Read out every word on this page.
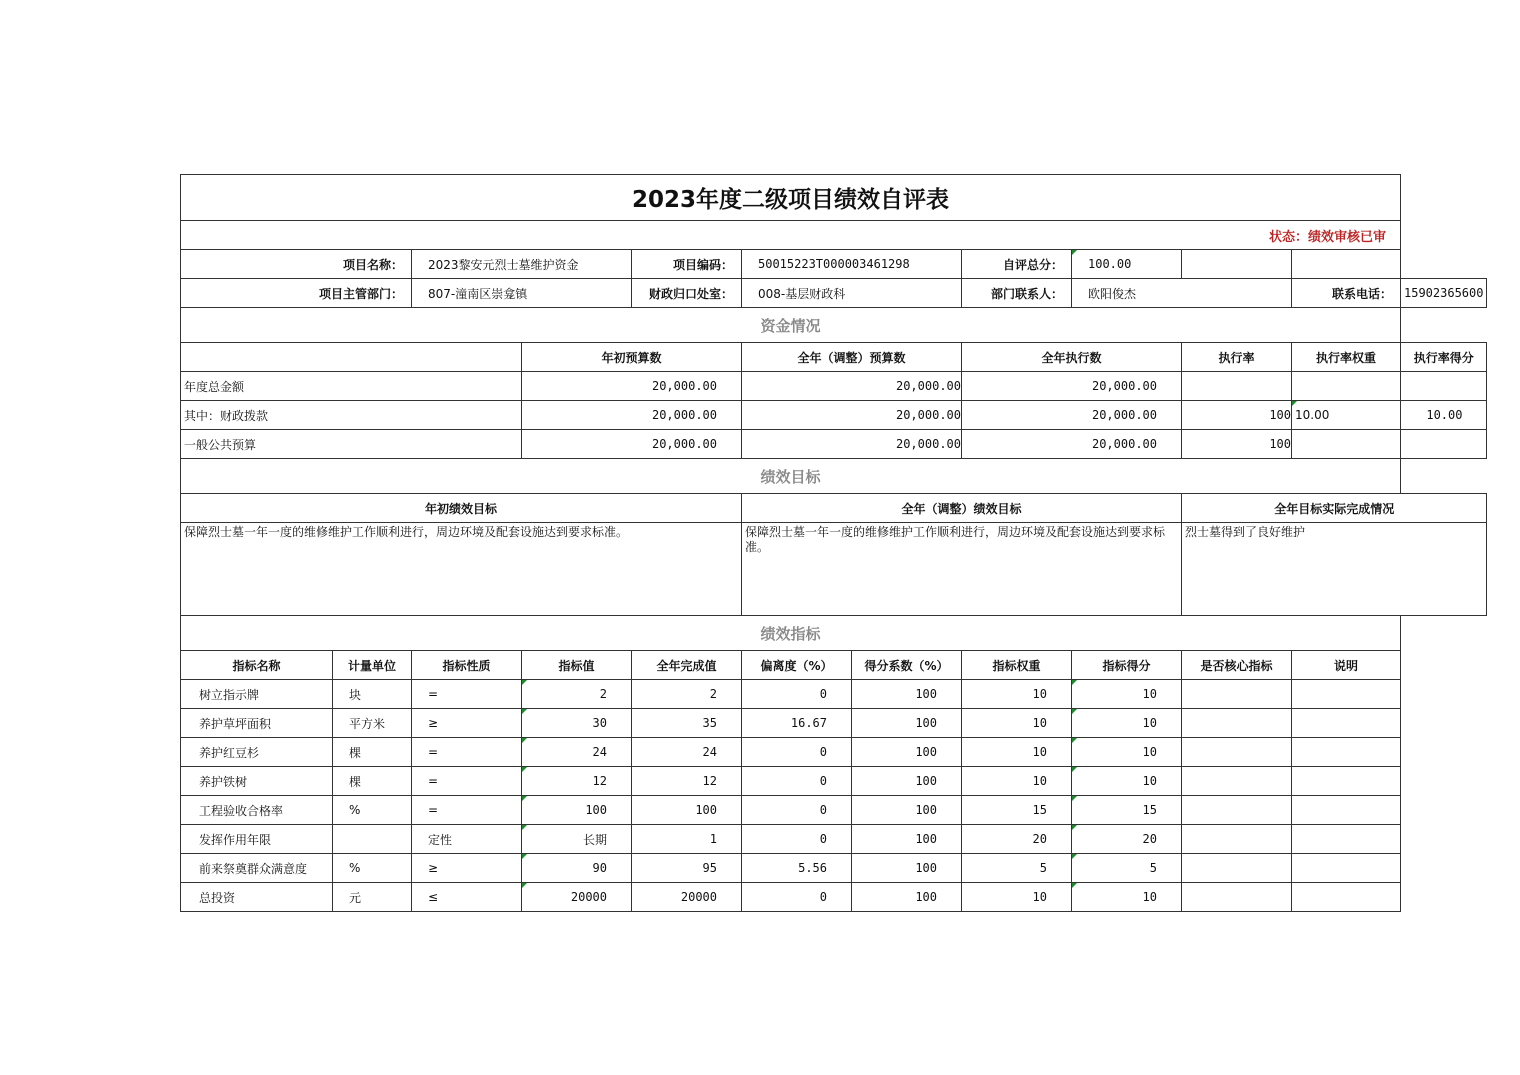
2023年度二级项目绩效自评表											
状态：绩效审核已审											
项目名称：		2023黎安元烈士墓维护资金		项目编码：	50015223T000003461298		自评总分：	100.00			
项目主管部门：		807-潼南区崇龛镇		财政归口处室：	008-基层财政科		部门联系人：	欧阳俊杰		联系电话：	15902365600
资金情况											
			年初预算数		全年（调整）预算数		全年执行数		执行率	执行率权重	执行率得分
年度总金额			20,000.00		20,000.00		20,000.00				
其中：财政拨款			20,000.00		20,000.00		20,000.00		100	10.00	10.00
一般公共预算			20,000.00		20,000.00		20,000.00		100		
绩效目标											
年初绩效目标					全年（调整）绩效目标				全年目标实际完成情况		
保障烈士墓一年一度的维修维护工作顺利进行，周边环境及配套设施达到要求标准。					保障烈士墓一年一度的维修维护工作顺利进行，周边环境及配套设施达到要求标准。				烈士墓得到了良好维护		
绩效指标											
指标名称	计量单位	指标性质	指标值	全年完成值	偏离度（%）	得分系数（%）	指标权重	指标得分	是否核心指标	说明	
树立指示牌	块	=	2	2	0	100	10	10			
养护草坪面积	平方米	≥	30	35	16.67	100	10	10			
养护红豆杉	棵	=	24	24	0	100	10	10			
养护铁树	棵	=	12	12	0	100	10	10			
工程验收合格率	%	=	100	100	0	100	15	15			
发挥作用年限		定性	长期	1	0	100	20	20			
前来祭奠群众满意度	%	≥	90	95	5.56	100	5	5			
总投资	元	≤	20000	20000	0	100	10	10			
